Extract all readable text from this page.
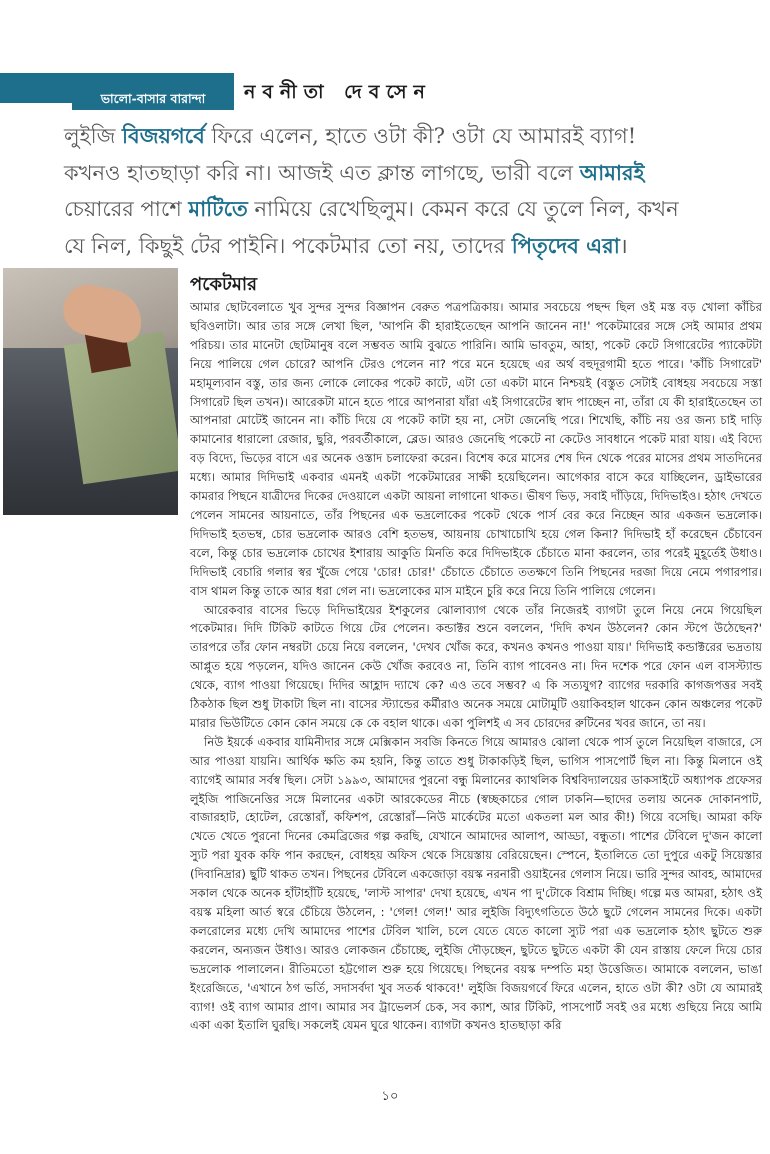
ভালো-বাসার বারান্দা	নবনীতা দেবসেন

লুইজি বিজয়গর্বে ফিরে এলেন, হাতে ওটা কী? ওটা যে আমারই ব্যাগ! কখনও হাতছাড়া করি না। আজই এত ক্লান্ত লাগছে, ভারী বলে আমারই চেয়ারের পাশে মাটিতে নামিয়ে রেখেছিলুম। কেমন করে যে তুলে নিল, কখন যে নিল, কিছুই টের পাইনি। পকেটমার তো নয়, তাদের পিতৃদেব এরা।

পকেটমার

আমার ছোটবেলাতে খুব সুন্দর সুন্দর বিজ্ঞাপন বেরুত পত্রপত্রিকায়। আমার সবচেয়ে পছন্দ ছিল ওই মস্ত বড় খোলা কাঁচির ছবিওলাটা। আর তার সঙ্গে লেখা ছিল, 'আপনি কী হারাইতেছেন আপনি জানেন না!' পকেটমারের সঙ্গে সেই আমার প্রথম পরিচয়। তার মানেটা ছোটমানুষ বলে সম্ভবত আমি বুঝতে পারিনি। আমি ভাবতুম, আহা, পকেট কেটে সিগারেটের প্যাকেটটা নিয়ে পালিয়ে গেল চোরে? আপনি টেরও পেলেন না? পরে মনে হয়েছে এর অর্থ বহুদূরগামী হতে পারে। 'কাঁচি সিগারেট' মহামূল্যবান বস্তু, তার জন্য লোকে লোকের পকেট কাটে, এটা তো একটা মানে নিশ্চয়ই (বস্তুত সেটাই বোধহয় সবচেয়ে সস্তা সিগারেট ছিল তখন)। আরেকটা মানে হতে পারে আপনারা যাঁরা এই সিগারেটের স্বাদ পাচ্ছেন না, তাঁরা যে কী হারাইতেছেন তা আপনারা মোটেই জানেন না। কাঁচি দিয়ে যে পকেট কাটা হয় না, সেটা জেনেছি পরে। শিখেছি, কাঁচি নয় ওর জন্য চাই দাড়ি কামানোর ধারালো রেজার, ছুরি, পরবর্তীকালে, ব্লেড। আরও জেনেছি পকেটে না কেটেও সাবধানে পকেট মারা যায়। এই বিদ্যে বড় বিদ্যে, ভিড়ের বাসে এর অনেক ওস্তাদ চলাফেরা করেন। বিশেষ করে মাসের শেষ দিন থেকে পরের মাসের প্রথম সাতদিনের মধ্যে। আমার দিদিভাই একবার এমনই একটা পকেটমারের সাক্ষী হয়েছিলেন। আগেকার বাসে করে যাচ্ছিলেন, ড্রাইভারের কামরার পিছনে যাত্রীদের দিকের দেওয়ালে একটা আয়না লাগানো থাকত। ভীষণ ভিড়, সবাই দাঁড়িয়ে, দিদিভাইও। হঠাৎ দেখতে পেলেন সামনের আয়নাতে, তাঁর পিছনের এক ভদ্রলোকের পকেট থেকে পার্স বের করে নিচ্ছেন আর একজন ভদ্রলোক। দিদিভাই হতভম্ব, চোর ভদ্রলোক আরও বেশি হতভম্ব, আয়নায় চোখাচোখি হয়ে গেল কিনা? দিদিভাই হাঁ করেছেন চেঁচাবেন বলে, কিন্তু চোর ভদ্রলোক চোখের ইশারায় আকুতি মিনতি করে দিদিভাইকে চেঁচাতে মানা করলেন, তার পরেই মুহূর্তেই উধাও। দিদিভাই বেচারি গলার স্বর খুঁজে পেয়ে 'চোর! চোর!' চেঁচাতে চেঁচাতে ততক্ষণে তিনি পিছনের দরজা দিয়ে নেমে পগারপার। বাস থামল কিন্তু তাকে আর ধরা গেল না। ভদ্রলোকের মাস মাইনে চুরি করে নিয়ে তিনি পালিয়ে গেলেন।

আরেকবার বাসের ভিড়ে দিদিভাইয়ের ইশকুলের ঝোলাব্যাগ থেকে তাঁর নিজেরই ব্যাগটা তুলে নিয়ে নেমে গিয়েছিল পকেটমার। দিদি টিকিট কাটতে গিয়ে টের পেলেন। কন্ডাক্টর শুনে বললেন, 'দিদি কখন উঠলেন? কোন স্টপে উঠেছেন?' তারপরে তাঁর ফোন নম্বরটা চেয়ে নিয়ে বললেন, 'দেখব খোঁজ করে, কখনও কখনও পাওয়া যায়।' দিদিভাই কন্ডাক্টরের ভদ্রতায় আপ্লুত হয়ে পড়লেন, যদিও জানেন কেউ খোঁজ করবেও না, তিনি ব্যাগ পাবেনও না। দিন দশেক পরে ফোন এল বাসস্ট্যান্ড থেকে, ব্যাগ পাওয়া গিয়েছে। দিদির আহ্লাদ দ্যাখে কে? এও তবে সম্ভব? এ কি সত্যযুগ? ব্যাগের দরকারি কাগজপত্তর সবই ঠিকঠাক ছিল শুধু টাকাটা ছিল না। বাসের স্ট্যান্ডের কর্মীরাও অনেক সময়ে মোটামুটি ওয়াকিবহাল থাকেন কোন অঞ্চলের পকেট মারার ভিউটিতে কোন কোন সময়ে কে কে বহাল থাকে। একা পুলিশই এ সব চোরদের রুটিনের খবর জানে, তা নয়।

নিউ ইয়র্কে একবার যামিনীদার সঙ্গে মেক্সিকান সবজি কিনতে গিয়ে আমারও ঝোলা থেকে পার্স তুলে নিয়েছিল বাজারে, সে আর পাওয়া যায়নি। আর্থিক ক্ষতি কম হয়নি, কিন্তু তাতে শুধু টাকাকড়িই ছিল, ভাগিস পাসপোর্ট ছিল না। কিন্তু মিলানে ওই ব্যাগেই আমার সর্বস্ব ছিল। সেটা ১৯৯৩, আমাদের পুরনো বন্ধু মিলানের ক্যাথলিক বিশ্ববিদ্যালয়ের ডাকসাইটে অধ্যাপক প্রফেসর লুইজি পাজিনেত্তির সঙ্গে মিলানের একটা আরকেডের নীচে (স্বচ্ছকাচের গোল ঢাকনি—ছাদের তলায় অনেক দোকানপাট, বাজারহাট, হোটেল, রেস্তোরাঁ, কফিশপ, রেস্তোরাঁ—নিউ মার্কেটের মতো একতলা মল আর কী!) গিয়ে বসেছি। আমরা কফি খেতে খেতে পুরনো দিনের কেমব্রিজের গল্প করছি, যেখানে আমাদের আলাপ, আড্ডা, বন্ধুতা। পাশের টেবিলে দু'জন কালো স্যুট পরা যুবক কফি পান করছেন, বোধহয় অফিস থেকে সিয়েস্তায় বেরিয়েছেন। স্পেনে, ইতালিতে তো দুপুরে একটু সিয়েস্তার (দিবানিদ্রার) ছুটি থাকত তখন। পিছনের টেবিলে একজোড়া বয়স্ক নরনারী ওয়াইনের গেলাস নিয়ে। ভারি সুন্দর আবহ, আমাদের সকাল থেকে অনেক হাঁটাহাঁটি হয়েছে, 'লাস্ট সাপার' দেখা হয়েছে, এখন পা দু'টোকে বিশ্রাম দিচ্ছি। গল্পে মত্ত আমরা, হঠাৎ ওই বয়স্ক মহিলা আর্ত স্বরে চেঁচিয়ে উঠলেন, : 'গেল! গেল!' আর লুইজি বিদ্যুৎগতিতে উঠে ছুটে গেলেন সামনের দিকে। একটা কলরোলের মধ্যে দেখি আমাদের পাশের টেবিল খালি, চলে যেতে যেতে কালো স্যুট পরা এক ভদ্রলোক হঠাৎ ছুটতে শুরু করলেন, অন্যজন উধাও। আরও লোকজন চেঁচাচ্ছে, লুইজি দৌড়চ্ছেন, ছুটতে ছুটতে একটা কী যেন রাস্তায় ফেলে দিয়ে চোর ভদ্রলোক পালালেন। রীতিমতো হট্টগোল শুরু হয়ে গিয়েছে। পিছনের বয়স্ক দম্পতি মহা উত্তেজিত। আমাকে বললেন, ভাঙা ইংরেজিতে, 'এখানে ঠগ ভর্তি, সদাসর্বদা খুব সতর্ক থাকবে!' লুইজি বিজয়গর্বে ফিরে এলেন, হাতে ওটা কী? ওটা যে আমারই ব্যাগ! ওই ব্যাগ আমার প্রাণ। আমার সব ট্রাভেলর্স চেক, সব ক্যাশ, আর টিকিট, পাসপোর্ট সবই ওর মধ্যে গুছিয়ে নিয়ে আমি একা একা ইতালি ঘুরছি। সকলেই যেমন ঘুরে থাকেন। ব্যাগটা কখনও হাতছাড়া করি

১০
